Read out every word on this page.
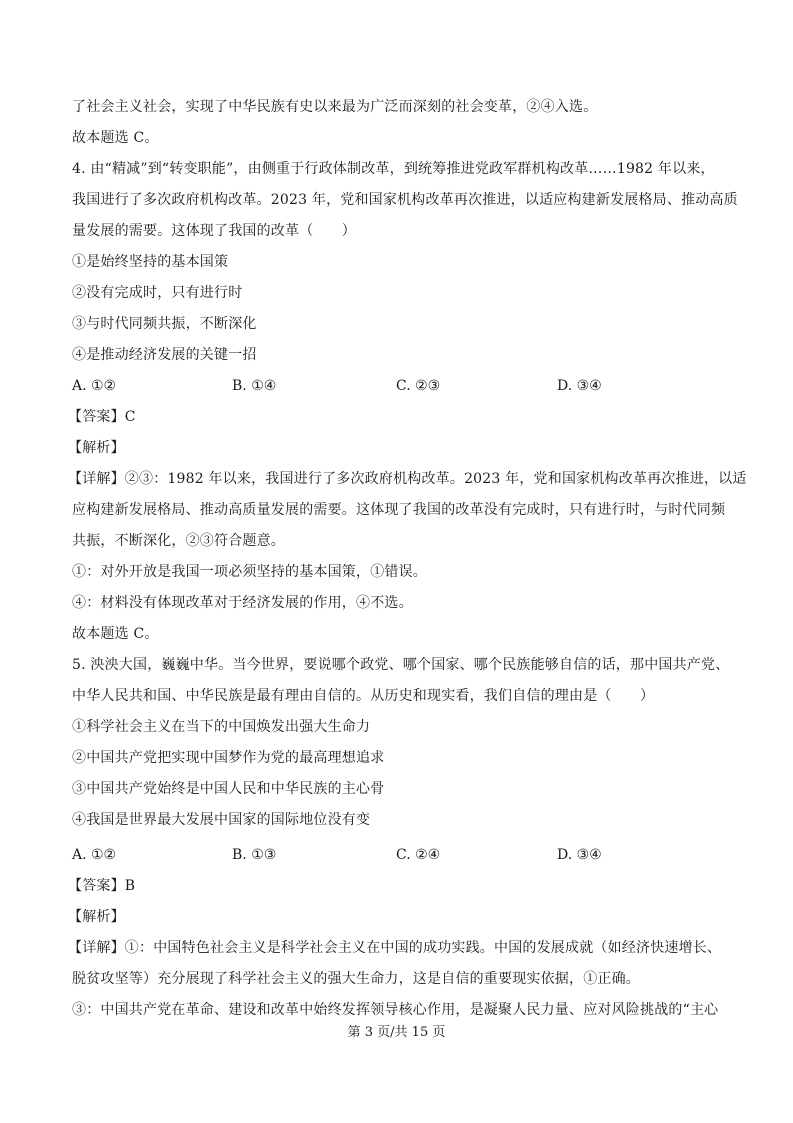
了社会主义社会，实现了中华民族有史以来最为广泛而深刻的社会变革，②④入选。
故本题选 C。
4. 由“精减”到“转变职能”，由侧重于行政体制改革，到统筹推进党政军群机构改革……1982 年以来，
我国进行了多次政府机构改革。2023 年，党和国家机构改革再次推进，以适应构建新发展格局、推动高质
量发展的需要。这体现了我国的改革（　　）
①是始终坚持的基本国策
②没有完成时，只有进行时
③与时代同频共振，不断深化
④是推动经济发展的关键一招
A. ①②	B. ①④	C. ②③	D. ③④
【答案】C
【解析】
【详解】②③：1982 年以来，我国进行了多次政府机构改革。2023 年，党和国家机构改革再次推进，以适
应构建新发展格局、推动高质量发展的需要。这体现了我国的改革没有完成时，只有进行时，与时代同频
共振，不断深化，②③符合题意。
①：对外开放是我国一项必须坚持的基本国策，①错误。
④：材料没有体现改革对于经济发展的作用，④不选。
故本题选 C。
5. 泱泱大国，巍巍中华。当今世界，要说哪个政党、哪个国家、哪个民族能够自信的话，那中国共产党、
中华人民共和国、中华民族是最有理由自信的。从历史和现实看，我们自信的理由是（　　）
①科学社会主义在当下的中国焕发出强大生命力
②中国共产党把实现中国梦作为党的最高理想追求
③中国共产党始终是中国人民和中华民族的主心骨
④我国是世界最大发展中国家的国际地位没有变
A. ①②	B. ①③	C. ②④	D. ③④
【答案】B
【解析】
【详解】①：中国特色社会主义是科学社会主义在中国的成功实践。中国的发展成就（如经济快速增长、
脱贫攻坚等）充分展现了科学社会主义的强大生命力，这是自信的重要现实依据，①正确。
③：中国共产党在革命、建设和改革中始终发挥领导核心作用，是凝聚人民力量、应对风险挑战的“主心
第 3 页/共 15 页
